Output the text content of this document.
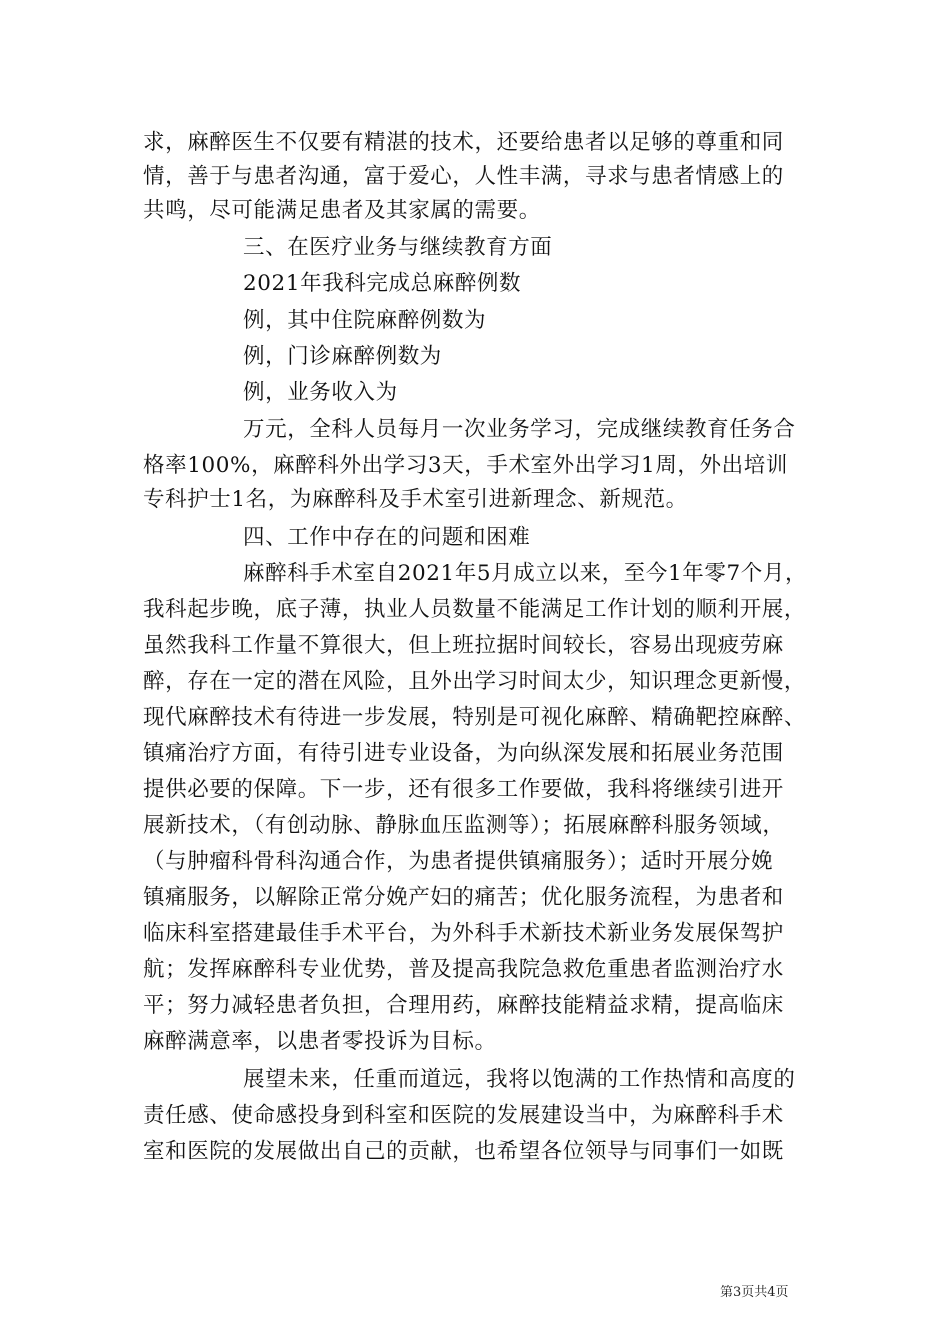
求，麻醉医生不仅要有精湛的技术，还要给患者以足够的尊重和同
情，善于与患者沟通，富于爱心，人性丰满，寻求与患者情感上的
共鸣，尽可能满足患者及其家属的需要。
三、在医疗业务与继续教育方面
2021年我科完成总麻醉例数
例，其中住院麻醉例数为
例，门诊麻醉例数为
例，业务收入为
万元，全科人员每月一次业务学习，完成继续教育任务合
格率100%，麻醉科外出学习3天，手术室外出学习1周，外出培训
专科护士1名，为麻醉科及手术室引进新理念、新规范。
四、工作中存在的问题和困难
麻醉科手术室自2021年5月成立以来，至今1年零7个月，
我科起步晚，底子薄，执业人员数量不能满足工作计划的顺利开展，
虽然我科工作量不算很大，但上班拉据时间较长，容易出现疲劳麻
醉，存在一定的潜在风险，且外出学习时间太少，知识理念更新慢，
现代麻醉技术有待进一步发展，特别是可视化麻醉、精确靶控麻醉、
镇痛治疗方面，有待引进专业设备，为向纵深发展和拓展业务范围
提供必要的保障。下一步，还有很多工作要做，我科将继续引进开
展新技术，（有创动脉、静脉血压监测等）；拓展麻醉科服务领域，
（与肿瘤科骨科沟通合作，为患者提供镇痛服务）；适时开展分娩
镇痛服务，以解除正常分娩产妇的痛苦；优化服务流程，为患者和
临床科室搭建最佳手术平台，为外科手术新技术新业务发展保驾护
航；发挥麻醉科专业优势，普及提高我院急救危重患者监测治疗水
平；努力减轻患者负担，合理用药，麻醉技能精益求精，提高临床
麻醉满意率，以患者零投诉为目标。
展望未来，任重而道远，我将以饱满的工作热情和高度的
责任感、使命感投身到科室和医院的发展建设当中，为麻醉科手术
室和医院的发展做出自己的贡献，也希望各位领导与同事们一如既
第3页共4页
